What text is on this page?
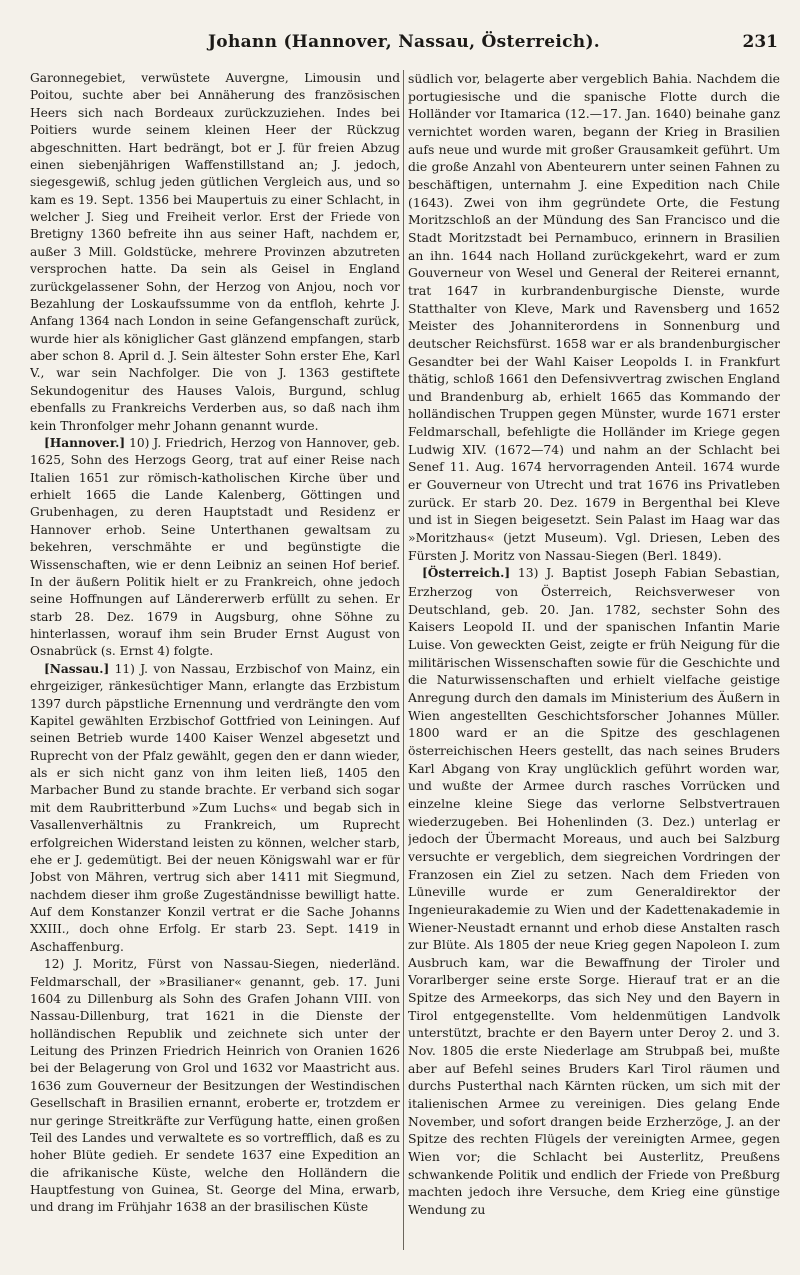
Johann (Hannover, Nassau, Österreich).	231

Garonnegebiet, verwüstete Auvergne, Limousin und Poitou, suchte aber bei Annäherung des französischen Heers sich nach Bordeaux zurückzuziehen. Indes bei Poitiers wurde seinem kleinen Heer der Rückzug abgeschnitten. Hart bedrängt, bot er J. für freien Abzug einen siebenjährigen Waffenstillstand an; J. jedoch, siegesgewiß, schlug jeden gütlichen Vergleich aus, und so kam es 19. Sept. 1356 bei Maupertuis zu einer Schlacht, in welcher J. Sieg und Freiheit verlor. Erst der Friede von Bretigny 1360 befreite ihn aus seiner Haft, nachdem er, außer 3 Mill. Goldstücke, mehrere Provinzen abzutreten versprochen hatte. Da sein als Geisel in England zurückgelassener Sohn, der Herzog von Anjou, noch vor Bezahlung der Loskaufssumme von da entfloh, kehrte J. Anfang 1364 nach London in seine Gefangenschaft zurück, wurde hier als königlicher Gast glänzend empfangen, starb aber schon 8. April d. J. Sein ältester Sohn erster Ehe, Karl V., war sein Nachfolger. Die von J. 1363 gestiftete Sekundogenitur des Hauses Valois, Burgund, schlug ebenfalls zu Frankreichs Verderben aus, so daß nach ihm kein Thronfolger mehr Johann genannt wurde.

[Hannover.] 10) J. Friedrich, Herzog von Hannover, geb. 1625, Sohn des Herzogs Georg, trat auf einer Reise nach Italien 1651 zur römisch-katholischen Kirche über und erhielt 1665 die Lande Kalenberg, Göttingen und Grubenhagen, zu deren Hauptstadt und Residenz er Hannover erhob. Seine Unterthanen gewaltsam zu bekehren, verschmähte er und begünstigte die Wissenschaften, wie er denn Leibniz an seinen Hof berief. In der äußern Politik hielt er zu Frankreich, ohne jedoch seine Hoffnungen auf Ländererwerb erfüllt zu sehen. Er starb 28. Dez. 1679 in Augsburg, ohne Söhne zu hinterlassen, worauf ihm sein Bruder Ernst August von Osnabrück (s. Ernst 4) folgte.

[Nassau.] 11) J. von Nassau, Erzbischof von Mainz, ein ehrgeiziger, ränkesüchtiger Mann, erlangte das Erzbistum 1397 durch päpstliche Ernennung und verdrängte den vom Kapitel gewählten Erzbischof Gottfried von Leiningen. Auf seinen Betrieb wurde 1400 Kaiser Wenzel abgesetzt und Ruprecht von der Pfalz gewählt, gegen den er dann wieder, als er sich nicht ganz von ihm leiten ließ, 1405 den Marbacher Bund zu stande brachte. Er verband sich sogar mit dem Raubritterbund »Zum Luchs« und begab sich in Vasallenverhältnis zu Frankreich, um Ruprecht erfolgreichen Widerstand leisten zu können, welcher starb, ehe er J. gedemütigt. Bei der neuen Königswahl war er für Jobst von Mähren, vertrug sich aber 1411 mit Siegmund, nachdem dieser ihm große Zugeständnisse bewilligt hatte. Auf dem Konstanzer Konzil vertrat er die Sache Johanns XXIII., doch ohne Erfolg. Er starb 23. Sept. 1419 in Aschaffenburg.

12) J. Moritz, Fürst von Nassau-Siegen, niederländ. Feldmarschall, der »Brasilianer« genannt, geb. 17. Juni 1604 zu Dillenburg als Sohn des Grafen Johann VIII. von Nassau-Dillenburg, trat 1621 in die Dienste der holländischen Republik und zeichnete sich unter der Leitung des Prinzen Friedrich Heinrich von Oranien 1626 bei der Belagerung von Grol und 1632 vor Maastricht aus. 1636 zum Gouverneur der Besitzungen der Westindischen Gesellschaft in Brasilien ernannt, eroberte er, trotzdem er nur geringe Streitkräfte zur Verfügung hatte, einen großen Teil des Landes und verwaltete es so vortrefflich, daß es zu hoher Blüte gedieh. Er sendete 1637 eine Expedition an die afrikanische Küste, welche den Holländern die Hauptfestung von Guinea, St. George del Mina, erwarb, und drang im Frühjahr 1638 an der brasilischen Küste

südlich vor, belagerte aber vergeblich Bahia. Nachdem die portugiesische und die spanische Flotte durch die Holländer vor Itamarica (12.—17. Jan. 1640) beinahe ganz vernichtet worden waren, begann der Krieg in Brasilien aufs neue und wurde mit großer Grausamkeit geführt. Um die große Anzahl von Abenteurern unter seinen Fahnen zu beschäftigen, unternahm J. eine Expedition nach Chile (1643). Zwei von ihm gegründete Orte, die Festung Moritzschloß an der Mündung des San Francisco und die Stadt Moritzstadt bei Pernambuco, erinnern in Brasilien an ihn. 1644 nach Holland zurückgekehrt, ward er zum Gouverneur von Wesel und General der Reiterei ernannt, trat 1647 in kurbrandenburgische Dienste, wurde Statthalter von Kleve, Mark und Ravensberg und 1652 Meister des Johanniterordens in Sonnenburg und deutscher Reichsfürst. 1658 war er als brandenburgischer Gesandter bei der Wahl Kaiser Leopolds I. in Frankfurt thätig, schloß 1661 den Defensivvertrag zwischen England und Brandenburg ab, erhielt 1665 das Kommando der holländischen Truppen gegen Münster, wurde 1671 erster Feldmarschall, befehligte die Holländer im Kriege gegen Ludwig XIV. (1672—74) und nahm an der Schlacht bei Senef 11. Aug. 1674 hervorragenden Anteil. 1674 wurde er Gouverneur von Utrecht und trat 1676 ins Privatleben zurück. Er starb 20. Dez. 1679 in Bergenthal bei Kleve und ist in Siegen beigesetzt. Sein Palast im Haag war das »Moritzhaus« (jetzt Museum). Vgl. Driesen, Leben des Fürsten J. Moritz von Nassau-Siegen (Berl. 1849).

[Österreich.] 13) J. Baptist Joseph Fabian Sebastian, Erzherzog von Österreich, Reichsverweser von Deutschland, geb. 20. Jan. 1782, sechster Sohn des Kaisers Leopold II. und der spanischen Infantin Marie Luise. Von geweckten Geist, zeigte er früh Neigung für die militärischen Wissenschaften sowie für die Geschichte und die Naturwissenschaften und erhielt vielfache geistige Anregung durch den damals im Ministerium des Äußern in Wien angestellten Geschichtsforscher Johannes Müller. 1800 ward er an die Spitze des geschlagenen österreichischen Heers gestellt, das nach seines Bruders Karl Abgang von Kray unglücklich geführt worden war, und wußte der Armee durch rasches Vorrücken und einzelne kleine Siege das verlorne Selbstvertrauen wiederzugeben. Bei Hohenlinden (3. Dez.) unterlag er jedoch der Übermacht Moreaus, und auch bei Salzburg versuchte er vergeblich, dem siegreichen Vordringen der Franzosen ein Ziel zu setzen. Nach dem Frieden von Lüneville wurde er zum Generaldirektor der Ingenieurakademie zu Wien und der Kadettenakademie in Wiener-Neustadt ernannt und erhob diese Anstalten rasch zur Blüte. Als 1805 der neue Krieg gegen Napoleon I. zum Ausbruch kam, war die Bewaffnung der Tiroler und Vorarlberger seine erste Sorge. Hierauf trat er an die Spitze des Armeekorps, das sich Ney und den Bayern in Tirol entgegenstellte. Vom heldenmütigen Landvolk unterstützt, brachte er den Bayern unter Deroy 2. und 3. Nov. 1805 die erste Niederlage am Strubpaß bei, mußte aber auf Befehl seines Bruders Karl Tirol räumen und durchs Pusterthal nach Kärnten rücken, um sich mit der italienischen Armee zu vereinigen. Dies gelang Ende November, und sofort drangen beide Erzherzöge, J. an der Spitze des rechten Flügels der vereinigten Armee, gegen Wien vor; die Schlacht bei Austerlitz, Preußens schwankende Politik und endlich der Friede von Preßburg machten jedoch ihre Versuche, dem Krieg eine günstige Wendung zu
